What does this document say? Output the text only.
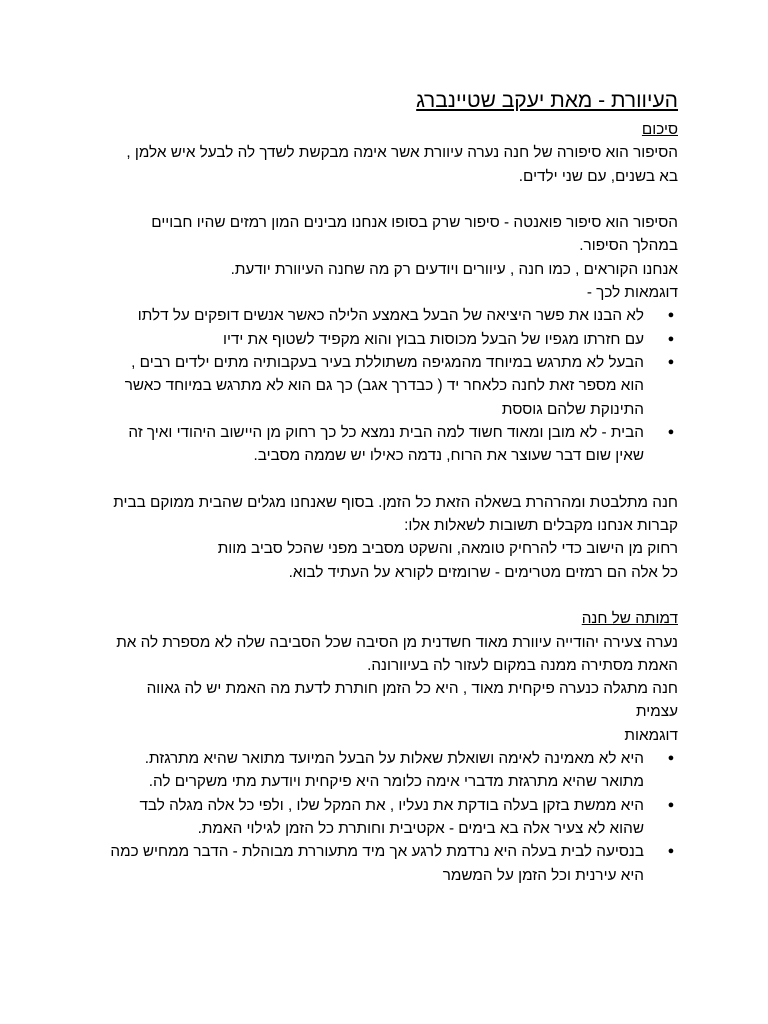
העיוורת - מאת יעקב שטיינברג
סיכום
הסיפור הוא סיפורה של חנה נערה עיוורת אשר אימה מבקשת לשדך לה לבעל איש אלמן , בא בשנים, עם שני ילדים.
הסיפור הוא סיפור פואנטה - סיפור שרק בסופו אנחנו מבינים המון רמזים שהיו חבויים במהלך הסיפור.
אנחנו הקוראים , כמו חנה , עיוורים ויודעים רק מה שחנה העיוורת יודעת.
דוגמאות לכך -
●
לא הבנו את פשר היציאה של הבעל באמצע הלילה כאשר אנשים דופקים על דלתו
●
עם חזרתו מגפיו של הבעל מכוסות בבוץ והוא מקפיד לשטוף את ידיו
●
הבעל לא מתרגש במיוחד מהמגיפה משתוללת בעיר בעקבותיה מתים ילדים רבים , הוא מספר זאת לחנה כלאחר יד ( כבדרך אגב) כך גם הוא לא מתרגש במיוחד כאשר התינוקת שלהם גוססת
●
הבית - לא מובן ומאוד חשוד למה הבית נמצא כל כך רחוק מן היישוב היהודי ואיך זה שאין שום דבר שעוצר את הרוח, נדמה כאילו יש שממה מסביב.
חנה מתלבטת ומהרהרת בשאלה הזאת כל הזמן. בסוף שאנחנו מגלים שהבית ממוקם בבית קברות אנחנו מקבלים תשובות לשאלות אלו:
רחוק מן הישוב כדי להרחיק טומאה, והשקט מסביב מפני שהכל סביב מוות
כל אלה הם רמזים מטרימים - שרומזים לקורא על העתיד לבוא.
דמותה של חנה
נערה צעירה יהודייה עיוורת מאוד חשדנית מן הסיבה שכל הסביבה שלה לא מספרת לה את האמת מסתירה ממנה במקום לעזור לה בעיוורונה.
חנה מתגלה כנערה פיקחית מאוד , היא כל הזמן חותרת לדעת מה האמת יש לה גאווה עצמית
דוגמאות
●
היא לא מאמינה לאימה ושואלת שאלות על הבעל המיועד מתואר שהיא מתרגזת. מתואר שהיא מתרגזת מדברי אימה כלומר היא פיקחית ויודעת מתי משקרים לה.
●
היא ממשת בזקן בעלה בודקת את נעליו , את המקל שלו , ולפי כל אלה מגלה לבד שהוא לא צעיר אלה בא בימים - אקטיבית וחותרת כל הזמן לגילוי האמת.
●
בנסיעה לבית בעלה היא נרדמת לרגע אך מיד מתעוררת מבוהלת - הדבר ממחיש כמה היא עירנית וכל הזמן על המשמר
